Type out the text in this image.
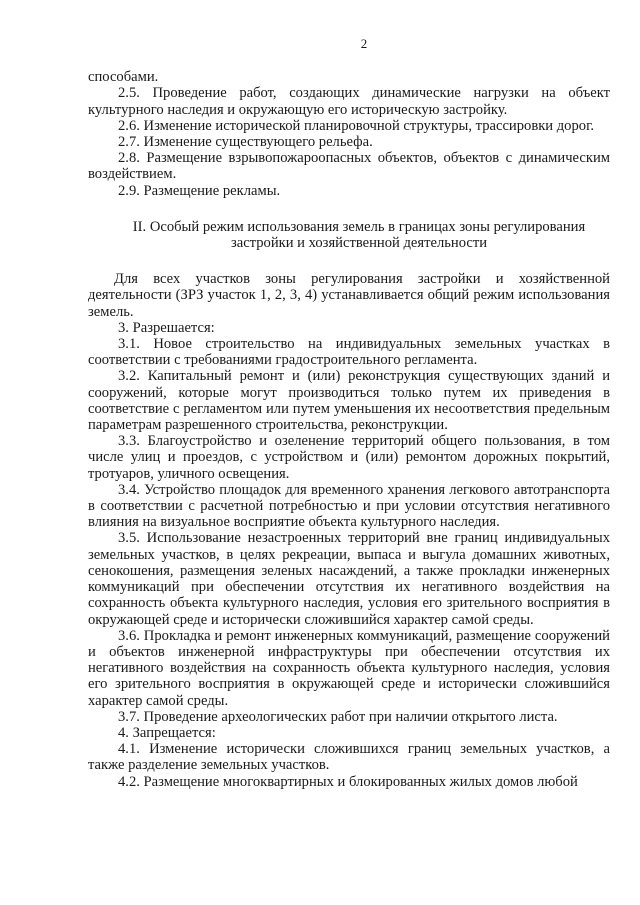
2

способами.

2.5. Проведение работ, создающих динамические нагрузки на объект культурного наследия и окружающую его историческую застройку.

2.6. Изменение исторической планировочной структуры, трассировки дорог.

2.7. Изменение существующего рельефа.

2.8. Размещение взрывопожароопасных объектов, объектов с динамическим воздействием.

2.9. Размещение рекламы.

II. Особый режим использования земель в границах зоны регулирования
застройки и хозяйственной деятельности

Для всех участков зоны регулирования застройки и хозяйственной деятельности (ЗРЗ участок 1, 2, 3, 4) устанавливается общий режим использования земель.

3. Разрешается:

3.1. Новое строительство на индивидуальных земельных участках в соответствии с требованиями градостроительного регламента.

3.2. Капитальный ремонт и (или) реконструкция существующих зданий и сооружений, которые могут производиться только путем их приведения в соответствие с регламентом или путем уменьшения их несоответствия предельным параметрам разрешенного строительства, реконструкции.

3.3. Благоустройство и озеленение территорий общего пользования, в том числе улиц и проездов, с устройством и (или) ремонтом дорожных покрытий, тротуаров, уличного освещения.

3.4. Устройство площадок для временного хранения легкового автотранспорта в соответствии с расчетной потребностью и при условии отсутствия негативного влияния на визуальное восприятие объекта культурного наследия.

3.5. Использование незастроенных территорий вне границ индивидуальных земельных участков, в целях рекреации, выпаса и выгула домашних животных, сенокошения, размещения зеленых насаждений, а также прокладки инженерных коммуникаций при обеспечении отсутствия их негативного воздействия на сохранность объекта культурного наследия, условия его зрительного восприятия в окружающей среде и исторически сложившийся характер самой среды.

3.6. Прокладка и ремонт инженерных коммуникаций, размещение сооружений и объектов инженерной инфраструктуры при обеспечении отсутствия их негативного воздействия на сохранность объекта культурного наследия, условия его зрительного восприятия в окружающей среде и исторически сложившийся характер самой среды.

3.7. Проведение археологических работ при наличии открытого листа.

4. Запрещается:

4.1. Изменение исторически сложившихся границ земельных участков, а также разделение земельных участков.

4.2. Размещение многоквартирных и блокированных жилых домов любой
